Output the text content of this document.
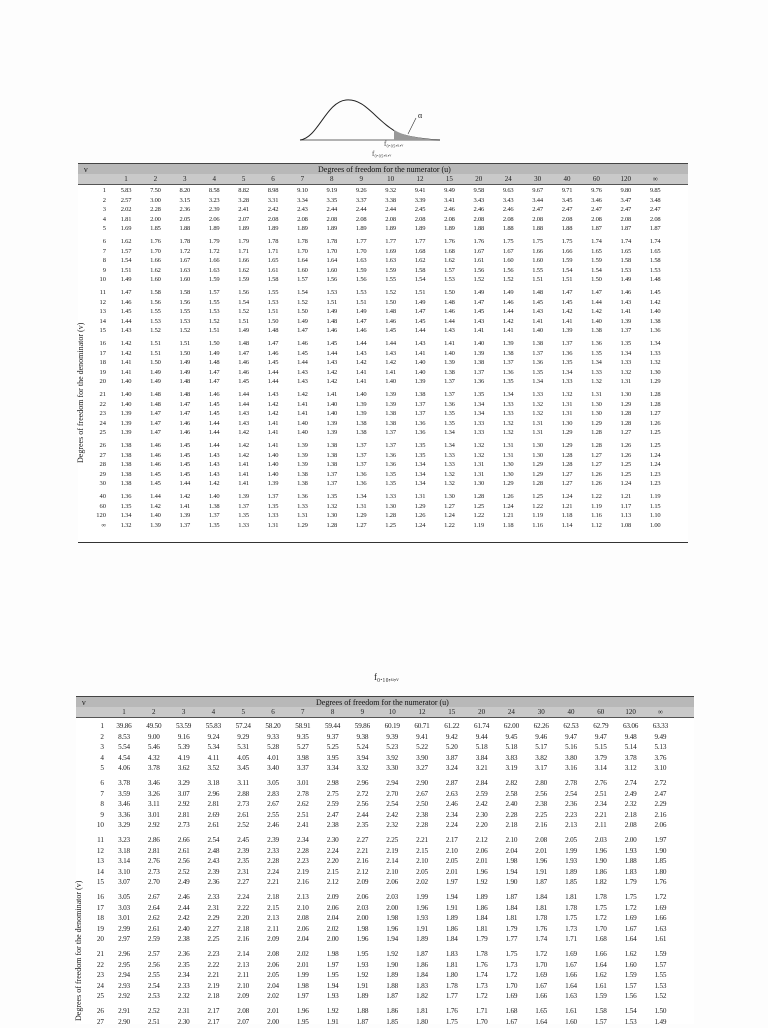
α
f₀.₀₅,ᵤ,ᵥ
f₀.₀₅,ᵤ,ᵥ
ν	Degrees of freedom for the numerator (u)
1	2	3	4	5	6	7	8	9	10	12	15	20	24	30	40	60	120	∞
Degrees of freedom for the denominator (v)
1	5.83	7.50	8.20	8.58	8.82	8.98	9.10	9.19	9.26	9.32	9.41	9.49	9.58	9.63	9.67	9.71	9.76	9.80	9.85
2	2.57	3.00	3.15	3.23	3.28	3.31	3.34	3.35	3.37	3.38	3.39	3.41	3.43	3.43	3.44	3.45	3.46	3.47	3.48
3	2.02	2.28	2.36	2.39	2.41	2.42	2.43	2.44	2.44	2.44	2.45	2.46	2.46	2.46	2.47	2.47	2.47	2.47	2.47
4	1.81	2.00	2.05	2.06	2.07	2.08	2.08	2.08	2.08	2.08	2.08	2.08	2.08	2.08	2.08	2.08	2.08	2.08	2.08
5	1.69	1.85	1.88	1.89	1.89	1.89	1.89	1.89	1.89	1.89	1.89	1.89	1.88	1.88	1.88	1.88	1.87	1.87	1.87
6	1.62	1.76	1.78	1.79	1.79	1.78	1.78	1.78	1.77	1.77	1.77	1.76	1.76	1.75	1.75	1.75	1.74	1.74	1.74
7	1.57	1.70	1.72	1.72	1.71	1.71	1.70	1.70	1.70	1.69	1.68	1.68	1.67	1.67	1.66	1.66	1.65	1.65	1.65
8	1.54	1.66	1.67	1.66	1.66	1.65	1.64	1.64	1.63	1.63	1.62	1.62	1.61	1.60	1.60	1.59	1.59	1.58	1.58
9	1.51	1.62	1.63	1.63	1.62	1.61	1.60	1.60	1.59	1.59	1.58	1.57	1.56	1.56	1.55	1.54	1.54	1.53	1.53
10	1.49	1.60	1.60	1.59	1.59	1.58	1.57	1.56	1.56	1.55	1.54	1.53	1.52	1.52	1.51	1.51	1.50	1.49	1.48
11	1.47	1.58	1.58	1.57	1.56	1.55	1.54	1.53	1.53	1.52	1.51	1.50	1.49	1.49	1.48	1.47	1.47	1.46	1.45
12	1.46	1.56	1.56	1.55	1.54	1.53	1.52	1.51	1.51	1.50	1.49	1.48	1.47	1.46	1.45	1.45	1.44	1.43	1.42
13	1.45	1.55	1.55	1.53	1.52	1.51	1.50	1.49	1.49	1.48	1.47	1.46	1.45	1.44	1.43	1.42	1.42	1.41	1.40
14	1.44	1.53	1.53	1.52	1.51	1.50	1.49	1.48	1.47	1.46	1.45	1.44	1.43	1.42	1.41	1.41	1.40	1.39	1.38
15	1.43	1.52	1.52	1.51	1.49	1.48	1.47	1.46	1.46	1.45	1.44	1.43	1.41	1.41	1.40	1.39	1.38	1.37	1.36
16	1.42	1.51	1.51	1.50	1.48	1.47	1.46	1.45	1.44	1.44	1.43	1.41	1.40	1.39	1.38	1.37	1.36	1.35	1.34
17	1.42	1.51	1.50	1.49	1.47	1.46	1.45	1.44	1.43	1.43	1.41	1.40	1.39	1.38	1.37	1.36	1.35	1.34	1.33
18	1.41	1.50	1.49	1.48	1.46	1.45	1.44	1.43	1.42	1.42	1.40	1.39	1.38	1.37	1.36	1.35	1.34	1.33	1.32
19	1.41	1.49	1.49	1.47	1.46	1.44	1.43	1.42	1.41	1.41	1.40	1.38	1.37	1.36	1.35	1.34	1.33	1.32	1.30
20	1.40	1.49	1.48	1.47	1.45	1.44	1.43	1.42	1.41	1.40	1.39	1.37	1.36	1.35	1.34	1.33	1.32	1.31	1.29
21	1.40	1.48	1.48	1.46	1.44	1.43	1.42	1.41	1.40	1.39	1.38	1.37	1.35	1.34	1.33	1.32	1.31	1.30	1.28
22	1.40	1.48	1.47	1.45	1.44	1.42	1.41	1.40	1.39	1.39	1.37	1.36	1.34	1.33	1.32	1.31	1.30	1.29	1.28
23	1.39	1.47	1.47	1.45	1.43	1.42	1.41	1.40	1.39	1.38	1.37	1.35	1.34	1.33	1.32	1.31	1.30	1.28	1.27
24	1.39	1.47	1.46	1.44	1.43	1.41	1.40	1.39	1.38	1.38	1.36	1.35	1.33	1.32	1.31	1.30	1.29	1.28	1.26
25	1.39	1.47	1.46	1.44	1.42	1.41	1.40	1.39	1.38	1.37	1.36	1.34	1.33	1.32	1.31	1.29	1.28	1.27	1.25
26	1.38	1.46	1.45	1.44	1.42	1.41	1.39	1.38	1.37	1.37	1.35	1.34	1.32	1.31	1.30	1.29	1.28	1.26	1.25
27	1.38	1.46	1.45	1.43	1.42	1.40	1.39	1.38	1.37	1.36	1.35	1.33	1.32	1.31	1.30	1.28	1.27	1.26	1.24
28	1.38	1.46	1.45	1.43	1.41	1.40	1.39	1.38	1.37	1.36	1.34	1.33	1.31	1.30	1.29	1.28	1.27	1.25	1.24
29	1.38	1.45	1.45	1.43	1.41	1.40	1.38	1.37	1.36	1.35	1.34	1.32	1.31	1.30	1.29	1.27	1.26	1.25	1.23
30	1.38	1.45	1.44	1.42	1.41	1.39	1.38	1.37	1.36	1.35	1.34	1.32	1.30	1.29	1.28	1.27	1.26	1.24	1.23
40	1.36	1.44	1.42	1.40	1.39	1.37	1.36	1.35	1.34	1.33	1.31	1.30	1.28	1.26	1.25	1.24	1.22	1.21	1.19
60	1.35	1.42	1.41	1.38	1.37	1.35	1.33	1.32	1.31	1.30	1.29	1.27	1.25	1.24	1.22	1.21	1.19	1.17	1.15
120	1.34	1.40	1.39	1.37	1.35	1.33	1.31	1.30	1.29	1.28	1.26	1.24	1.22	1.21	1.19	1.18	1.16	1.13	1.10
∞	1.32	1.39	1.37	1.35	1.33	1.31	1.29	1.28	1.27	1.25	1.24	1.22	1.19	1.18	1.16	1.14	1.12	1.08	1.00
f₀.₁₀,ᵤ,ᵥ
ν	Degrees of freedom for the numerator (u)
1	2	3	4	5	6	7	8	9	10	12	15	20	24	30	40	60	120	∞
Degrees of freedom for the denominator (v)
1	39.86	49.50	53.59	55.83	57.24	58.20	58.91	59.44	59.86	60.19	60.71	61.22	61.74	62.00	62.26	62.53	62.79	63.06	63.33
2	8.53	9.00	9.16	9.24	9.29	9.33	9.35	9.37	9.38	9.39	9.41	9.42	9.44	9.45	9.46	9.47	9.47	9.48	9.49
3	5.54	5.46	5.39	5.34	5.31	5.28	5.27	5.25	5.24	5.23	5.22	5.20	5.18	5.18	5.17	5.16	5.15	5.14	5.13
4	4.54	4.32	4.19	4.11	4.05	4.01	3.98	3.95	3.94	3.92	3.90	3.87	3.84	3.83	3.82	3.80	3.79	3.78	3.76
5	4.06	3.78	3.62	3.52	3.45	3.40	3.37	3.34	3.32	3.30	3.27	3.24	3.21	3.19	3.17	3.16	3.14	3.12	3.10
6	3.78	3.46	3.29	3.18	3.11	3.05	3.01	2.98	2.96	2.94	2.90	2.87	2.84	2.82	2.80	2.78	2.76	2.74	2.72
7	3.59	3.26	3.07	2.96	2.88	2.83	2.78	2.75	2.72	2.70	2.67	2.63	2.59	2.58	2.56	2.54	2.51	2.49	2.47
8	3.46	3.11	2.92	2.81	2.73	2.67	2.62	2.59	2.56	2.54	2.50	2.46	2.42	2.40	2.38	2.36	2.34	2.32	2.29
9	3.36	3.01	2.81	2.69	2.61	2.55	2.51	2.47	2.44	2.42	2.38	2.34	2.30	2.28	2.25	2.23	2.21	2.18	2.16
10	3.29	2.92	2.73	2.61	2.52	2.46	2.41	2.38	2.35	2.32	2.28	2.24	2.20	2.18	2.16	2.13	2.11	2.08	2.06
11	3.23	2.86	2.66	2.54	2.45	2.39	2.34	2.30	2.27	2.25	2.21	2.17	2.12	2.10	2.08	2.05	2.03	2.00	1.97
12	3.18	2.81	2.61	2.48	2.39	2.33	2.28	2.24	2.21	2.19	2.15	2.10	2.06	2.04	2.01	1.99	1.96	1.93	1.90
13	3.14	2.76	2.56	2.43	2.35	2.28	2.23	2.20	2.16	2.14	2.10	2.05	2.01	1.98	1.96	1.93	1.90	1.88	1.85
14	3.10	2.73	2.52	2.39	2.31	2.24	2.19	2.15	2.12	2.10	2.05	2.01	1.96	1.94	1.91	1.89	1.86	1.83	1.80
15	3.07	2.70	2.49	2.36	2.27	2.21	2.16	2.12	2.09	2.06	2.02	1.97	1.92	1.90	1.87	1.85	1.82	1.79	1.76
16	3.05	2.67	2.46	2.33	2.24	2.18	2.13	2.09	2.06	2.03	1.99	1.94	1.89	1.87	1.84	1.81	1.78	1.75	1.72
17	3.03	2.64	2.44	2.31	2.22	2.15	2.10	2.06	2.03	2.00	1.96	1.91	1.86	1.84	1.81	1.78	1.75	1.72	1.69
18	3.01	2.62	2.42	2.29	2.20	2.13	2.08	2.04	2.00	1.98	1.93	1.89	1.84	1.81	1.78	1.75	1.72	1.69	1.66
19	2.99	2.61	2.40	2.27	2.18	2.11	2.06	2.02	1.98	1.96	1.91	1.86	1.81	1.79	1.76	1.73	1.70	1.67	1.63
20	2.97	2.59	2.38	2.25	2.16	2.09	2.04	2.00	1.96	1.94	1.89	1.84	1.79	1.77	1.74	1.71	1.68	1.64	1.61
21	2.96	2.57	2.36	2.23	2.14	2.08	2.02	1.98	1.95	1.92	1.87	1.83	1.78	1.75	1.72	1.69	1.66	1.62	1.59
22	2.95	2.56	2.35	2.22	2.13	2.06	2.01	1.97	1.93	1.90	1.86	1.81	1.76	1.73	1.70	1.67	1.64	1.60	1.57
23	2.94	2.55	2.34	2.21	2.11	2.05	1.99	1.95	1.92	1.89	1.84	1.80	1.74	1.72	1.69	1.66	1.62	1.59	1.55
24	2.93	2.54	2.33	2.19	2.10	2.04	1.98	1.94	1.91	1.88	1.83	1.78	1.73	1.70	1.67	1.64	1.61	1.57	1.53
25	2.92	2.53	2.32	2.18	2.09	2.02	1.97	1.93	1.89	1.87	1.82	1.77	1.72	1.69	1.66	1.63	1.59	1.56	1.52
26	2.91	2.52	2.31	2.17	2.08	2.01	1.96	1.92	1.88	1.86	1.81	1.76	1.71	1.68	1.65	1.61	1.58	1.54	1.50
27	2.90	2.51	2.30	2.17	2.07	2.00	1.95	1.91	1.87	1.85	1.80	1.75	1.70	1.67	1.64	1.60	1.57	1.53	1.49
